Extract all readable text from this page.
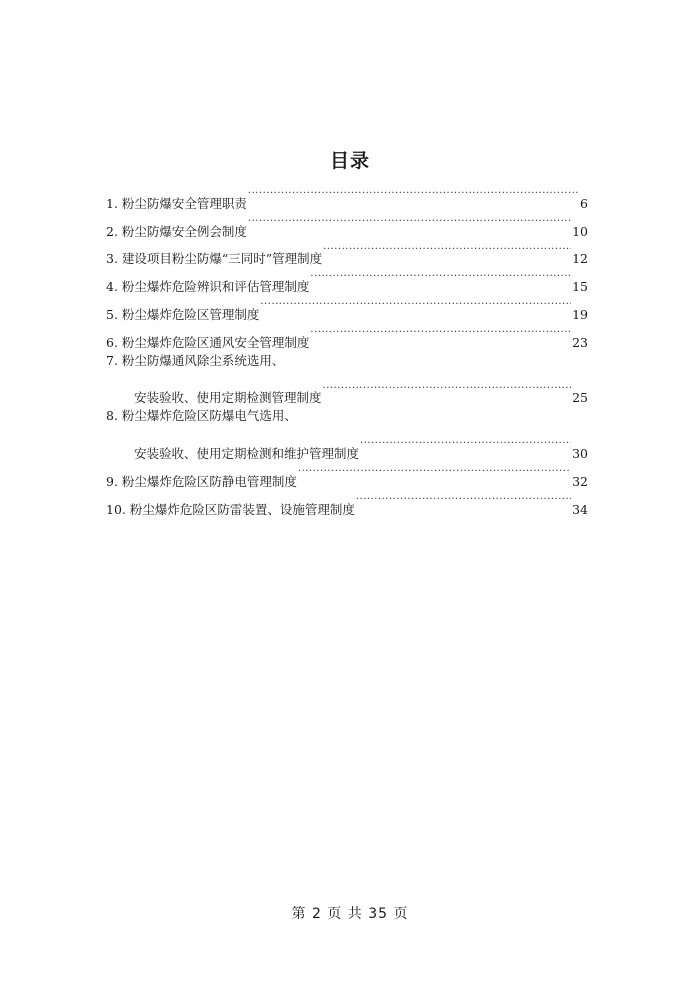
目录
1. 粉尘防爆安全管理职责 ·····	6
2. 粉尘防爆安全例会制度 ·····	10
3. 建设项目粉尘防爆“三同时”管理制度 ·····	12
4. 粉尘爆炸危险辨识和评估管理制度 ·····	15
5. 粉尘爆炸危险区管理制度 ·····	19
6. 粉尘爆炸危险区通风安全管理制度 ·····	23
7. 粉尘防爆通风除尘系统选用、
安装验收、使用定期检测管理制度 ·····	25
8. 粉尘爆炸危险区防爆电气选用、
安装验收、使用定期检测和维护管理制度 ·····	30
9. 粉尘爆炸危险区防静电管理制度 ·····	32
10. 粉尘爆炸危险区防雷装置、设施管理制度 ·····	34
第 2 页 共 35 页
